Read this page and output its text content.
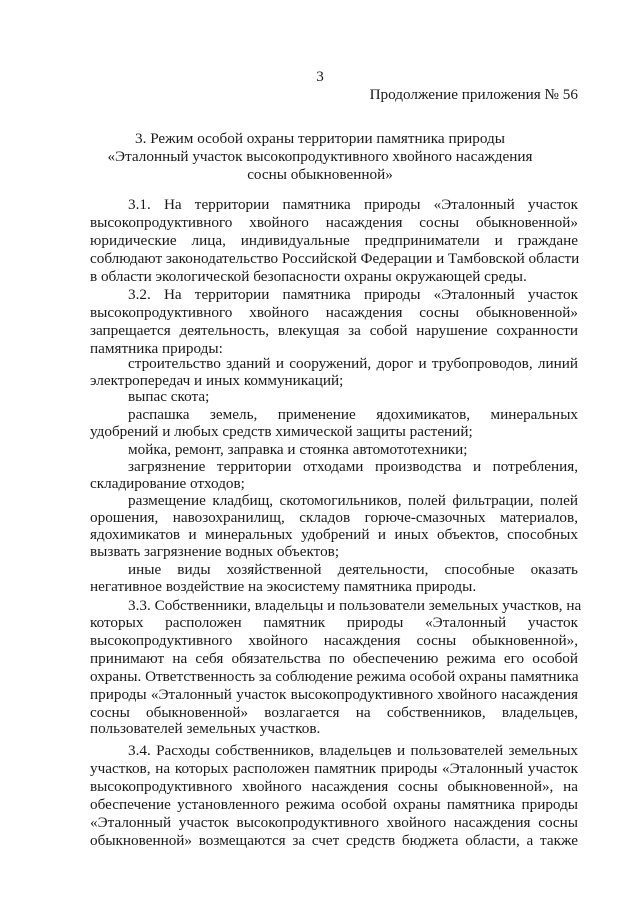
3
Продолжение приложения № 56
3. Режим особой охраны территории памятника природы
«Эталонный участок высокопродуктивного хвойного насаждения
сосны обыкновенной»
3.1. На территории памятника природы «Эталонный участок
высокопродуктивного хвойного насаждения сосны обыкновенной»
юридические лица, индивидуальные предприниматели и граждане
соблюдают законодательство Российской Федерации и Тамбовской области
в области экологической безопасности охраны окружающей среды.
3.2. На территории памятника природы «Эталонный участок
высокопродуктивного хвойного насаждения сосны обыкновенной»
запрещается деятельность, влекущая за собой нарушение сохранности
памятника природы:
строительство зданий и сооружений, дорог и трубопроводов, линий
электропередач и иных коммуникаций;
выпас скота;
распашка земель, применение ядохимикатов, минеральных
удобрений и любых средств химической защиты растений;
мойка, ремонт, заправка и стоянка автомототехники;
загрязнение территории отходами производства и потребления,
складирование отходов;
размещение кладбищ, скотомогильников, полей фильтрации, полей
орошения, навозохранилищ, складов горюче-смазочных материалов,
ядохимикатов и минеральных удобрений и иных объектов, способных
вызвать загрязнение водных объектов;
иные виды хозяйственной деятельности, способные оказать
негативное воздействие на экосистему памятника природы.
3.3. Собственники, владельцы и пользователи земельных участков, на
которых расположен памятник природы «Эталонный участок
высокопродуктивного хвойного насаждения сосны обыкновенной»,
принимают на себя обязательства по обеспечению режима его особой
охраны. Ответственность за соблюдение режима особой охраны памятника
природы «Эталонный участок высокопродуктивного хвойного насаждения
сосны обыкновенной» возлагается на собственников, владельцев,
пользователей земельных участков.
3.4. Расходы собственников, владельцев и пользователей земельных
участков, на которых расположен памятник природы «Эталонный участок
высокопродуктивного хвойного насаждения сосны обыкновенной», на
обеспечение установленного режима особой охраны памятника природы
«Эталонный участок высокопродуктивного хвойного насаждения сосны
обыкновенной» возмещаются за счет средств бюджета области, а также
